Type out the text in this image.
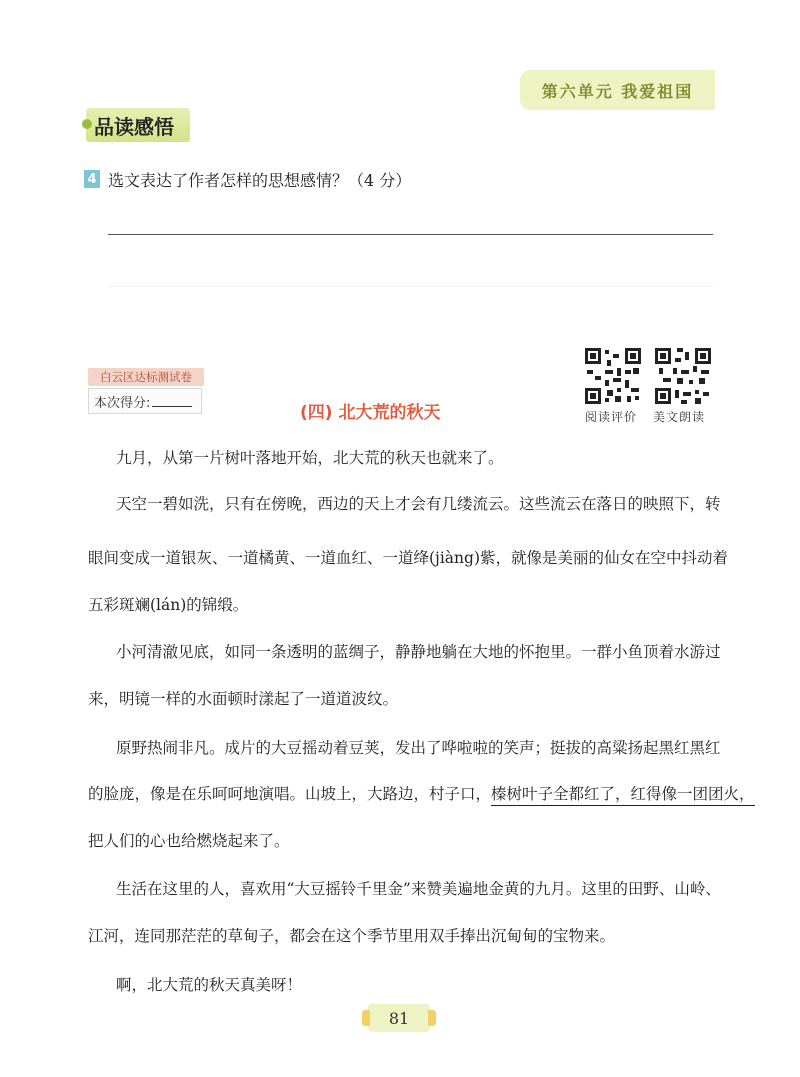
第六单元 我爱祖国
品读感悟
4 选文表达了作者怎样的思想感情？（4 分）
白云区达标测试卷
本次得分:	(四) 北大荒的秋天	阅读评价 美文朗读
九月，从第一片树叶落地开始，北大荒的秋天也就来了。
天空一碧如洗，只有在傍晚，西边的天上才会有几缕流云。这些流云在落日的映照下，转
眼间变成一道银灰、一道橘黄、一道血红、一道绛(jiàng)紫，就像是美丽的仙女在空中抖动着
五彩斑斓(lán)的锦缎。
小河清澈见底，如同一条透明的蓝绸子，静静地躺在大地的怀抱里。一群小鱼顶着水游过
来，明镜一样的水面顿时漾起了一道道波纹。
原野热闹非凡。成片的大豆摇动着豆荚，发出了哗啦啦的笑声；挺拔的高粱扬起黑红黑红
的脸庞，像是在乐呵呵地演唱。山坡上，大路边，村子口，榛树叶子全都红了，红得像一团团火，
把人们的心也给燃烧起来了。
生活在这里的人，喜欢用“大豆摇铃千里金”来赞美遍地金黄的九月。这里的田野、山岭、
江河，连同那茫茫的草甸子，都会在这个季节里用双手捧出沉甸甸的宝物来。
啊，北大荒的秋天真美呀！
81
